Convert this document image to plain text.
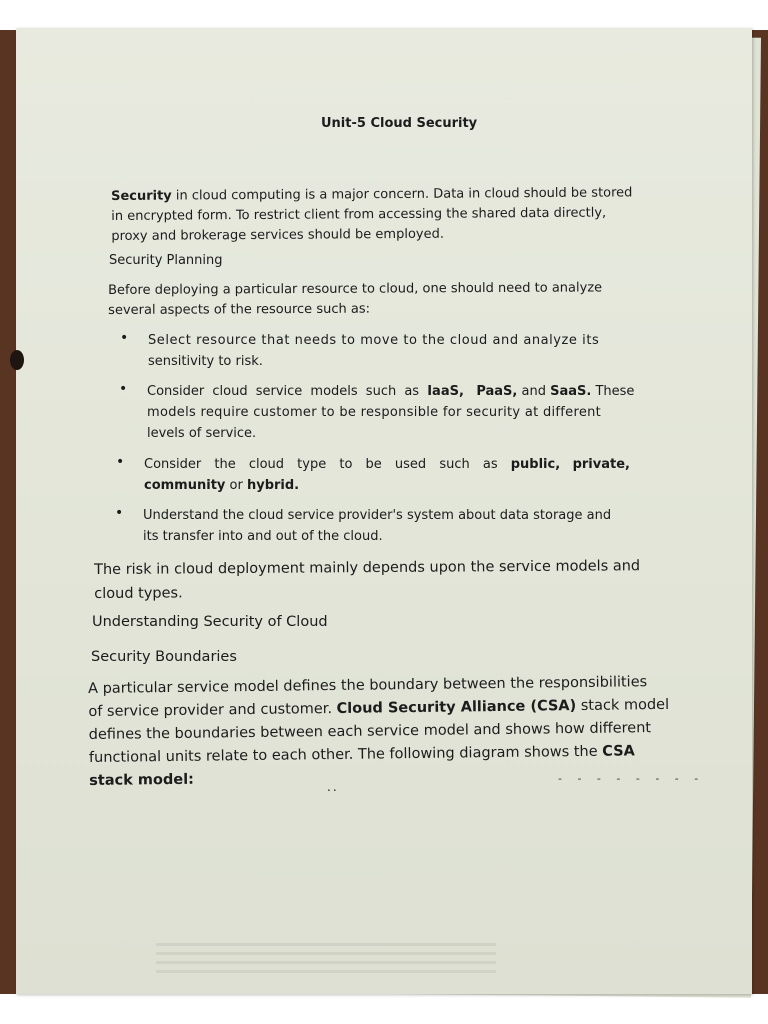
Unit-5 Cloud Security
Security in cloud computing is a major concern. Data in cloud should be stored
in encrypted form. To restrict client from accessing the shared data directly,
proxy and brokerage services should be employed.
Security Planning
Before deploying a particular resource to cloud, one should need to analyze
several aspects of the resource such as:
• Select resource that needs to move to the cloud and analyze its
sensitivity to risk.
• Consider cloud service models such as IaaS, PaaS, and SaaS. These
models require customer to be responsible for security at different
levels of service.
• Consider the cloud type to be used such as public, private,
community or hybrid.
• Understand the cloud service provider's system about data storage and
its transfer into and out of the cloud.
The risk in cloud deployment mainly depends upon the service models and
cloud types.
Understanding Security of Cloud
Security Boundaries
A particular service model defines the boundary between the responsibilities
of service provider and customer. Cloud Security Alliance (CSA) stack model
defines the boundaries between each service model and shows how different
functional units relate to each other. The following diagram shows the CSA
stack model:	..
- - - - - - - -
